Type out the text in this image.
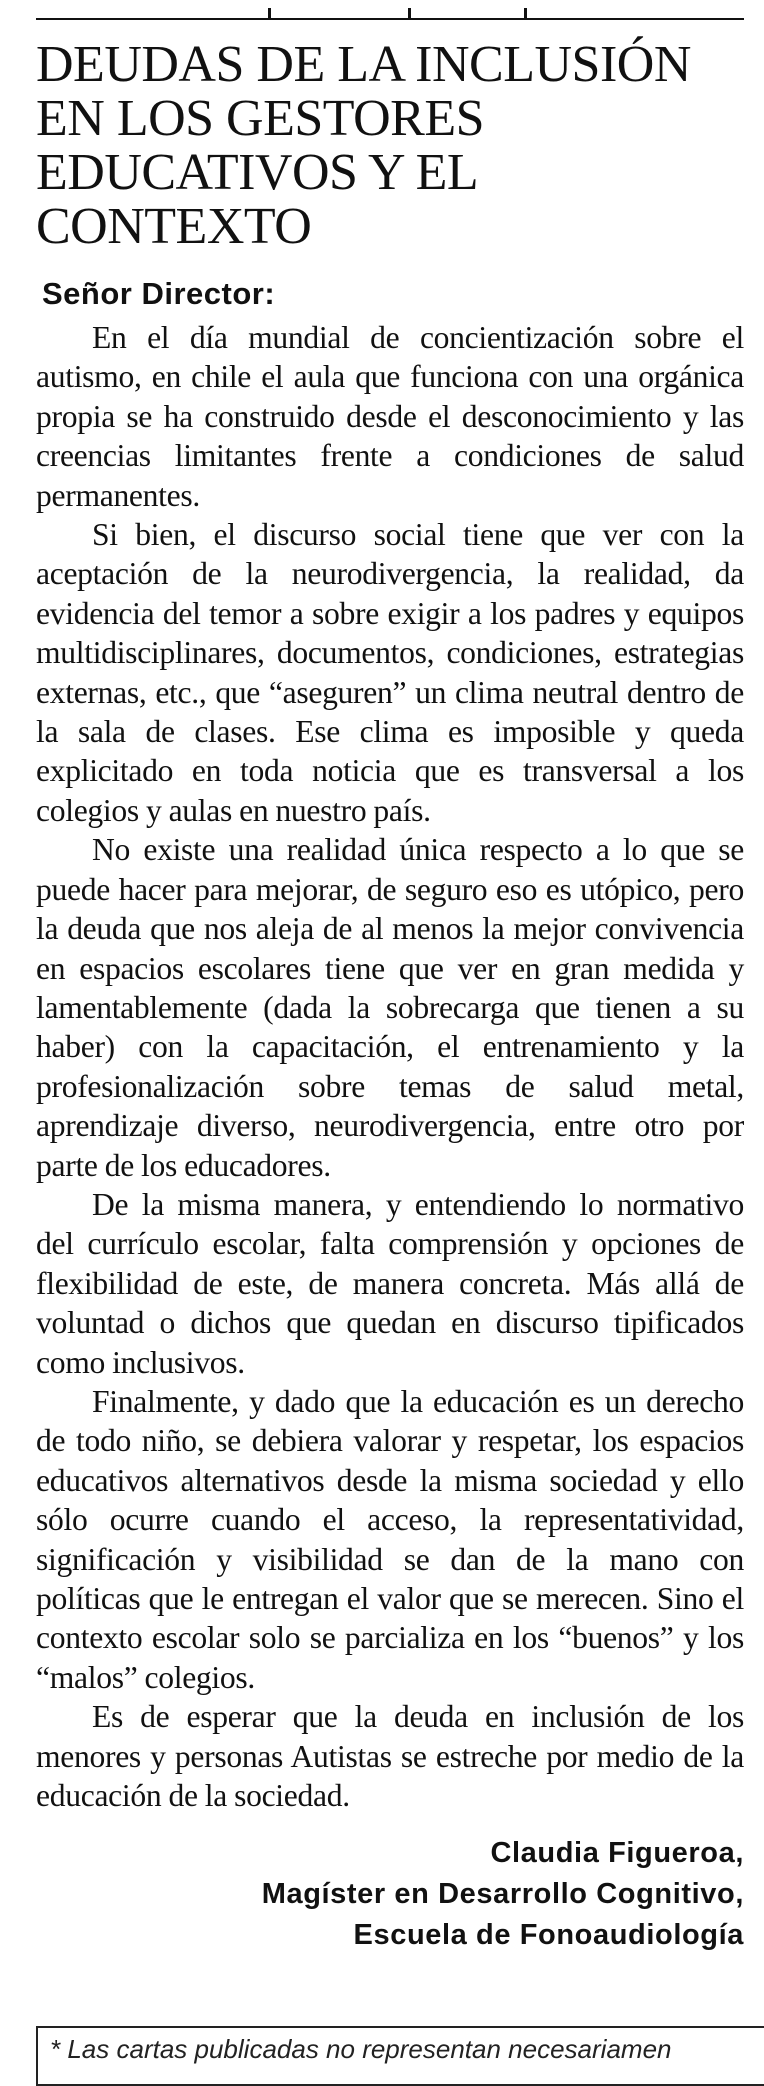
DEUDAS DE LA INCLUSIÓN EN LOS GESTORES EDUCATIVOS Y EL CONTEXTO
Señor Director:

En el día mundial de concientización sobre el autismo, en chile el aula que funciona con una orgánica propia se ha construido desde el desconocimiento y las creencias limitantes frente a condiciones de salud permanentes.

Si bien, el discurso social tiene que ver con la aceptación de la neurodivergencia, la realidad, da evidencia del temor a sobre exigir a los padres y equipos multidisciplinares, documentos, condiciones, estrategias externas, etc., que “aseguren” un clima neutral dentro de la sala de clases. Ese clima es imposible y queda explicitado en toda noticia que es transversal a los colegios y aulas en nuestro país.

No existe una realidad única respecto a lo que se puede hacer para mejorar, de seguro eso es utópico, pero la deuda que nos aleja de al menos la mejor convivencia en espacios escolares tiene que ver en gran medida y lamentablemente (dada la sobrecarga que tienen a su haber) con la capacitación, el entrenamiento y la profesionalización sobre temas de salud metal, aprendizaje diverso, neurodivergencia, entre otro por parte de los educadores.

De la misma manera, y entendiendo lo normativo del currículo escolar, falta comprensión y opciones de flexibilidad de este, de manera concreta. Más allá de voluntad o dichos que quedan en discurso tipificados como inclusivos.

Finalmente, y dado que la educación es un derecho de todo niño, se debiera valorar y respetar, los espacios educativos alternativos desde la misma sociedad y ello sólo ocurre cuando el acceso, la representatividad, significación y visibilidad se dan de la mano con políticas que le entregan el valor que se merecen. Sino el contexto escolar solo se parcializa en los “buenos” y los “malos” colegios.

Es de esperar que la deuda en inclusión de los menores y personas Autistas se estreche por medio de la educación de la sociedad.

Claudia Figueroa,
Magíster en Desarrollo Cognitivo,
Escuela de Fonoaudiología
* Las cartas publicadas no representan necesariamen
